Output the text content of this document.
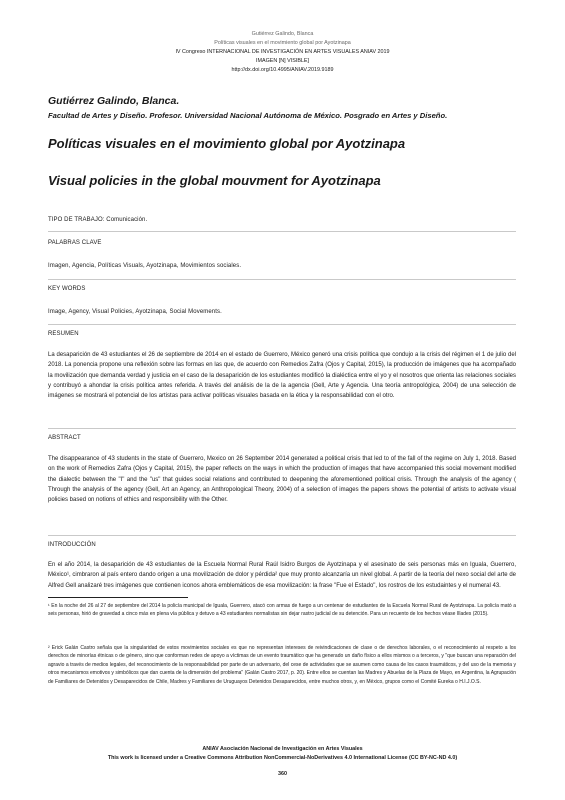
Gutiérrez Galindo, Blanca
Políticas visuales en el movimiento global por Ayotzinapa
IV Congreso INTERNACIONAL DE INVESTIGACIÓN EN ARTES VISUALES ANIAV 2019
IMAGEN [N] VISIBLE]
http://dx.doi.org/10.4995/ANIAV.2019.9189
Gutiérrez Galindo, Blanca.
Facultad de Artes y Diseño. Profesor. Universidad Nacional Autónoma de México. Posgrado en Artes y Diseño.
Políticas visuales en el movimiento global por Ayotzinapa
Visual policies in the global mouvment for Ayotzinapa
TIPO DE TRABAJO: Comunicación.
PALABRAS CLAVE
Imagen, Agencia, Políticas Visuals, Ayotzinapa, Movimientos sociales.
KEY WORDS
Image, Agency, Visual Policies, Ayotzinapa, Social Movements.
RESUMEN
La desaparición de 43 estudiantes el 26 de septiembre de 2014 en el estado de Guerrero, México generó una crisis política que condujo a la crisis del régimen el 1 de julio del 2018. La ponencia propone una reflexión sobre las formas en las que, de acuerdo con Remedios Zafra (Ojos y Capital, 2015), la producción de imágenes que ha acompañado la movilización que demanda verdad y justicia en el caso de la desaparición de los estudiantes modificó la dialéctica entre el yo y el nosotros que orienta las relaciones sociales y contribuyó a ahondar la crisis política antes referida. A través del análisis de la de la agencia (Gell, Arte y Agencia. Una teoría antropológica, 2004) de una selección de imágenes se mostrará el potencial de los artistas para activar políticas visuales basada en la ética y la responsabilidad con el otro.
ABSTRACT
The disappearance of 43 students in the state of Guerrero, Mexico on 26 September 2014 generated a political crisis that led to of the fall of the regime on July 1, 2018. Based on the work of Remedios Zafra (Ojos y Capital, 2015), the paper reflects on the ways in which the production of images that have accompanied this social movement modified the dialectic between the "I" and the "us" that guides social relations and contributed to deepening the aforementioned political crisis. Through the analysis of the agency ( Through the analysis of the agency (Gell, Art an Agency, an Anthropological Theory, 2004) of a selection of images the papers shows the potential of artists to activate visual policies based on notions of ethics and responsibility with the Other.
INTRODUCCIÓN
En el año 2014, la desaparición de 43 estudiantes de la Escuela Normal Rural Raúl Isidro Burgos de Ayotzinapa y el asesinato de seis personas más en Iguala, Guerrero, México¹, cimbraron al país entero dando origen a una movilización de dolor y pérdida² que muy pronto alcanzaría un nivel global. A partir de la teoría del nexo social del arte de Alfred Gell analizaré tres imágenes que contienen iconos ahora emblemáticos de esa movilización: la frase "Fue el Estado", los rostros de los estudaintes y el numeral 43.
¹ En la noche del 26 al 27 de septiembre del 2014 la policía municipal de Iguala, Guerrero, atacó con armas de fuego a un centenar de estudiantes de la Escuela Normal Rural de Ayotzinapa. La policía mató a seis personas, hirió de gravedad a cinco más en plena vía pública y detuvo a 43 estudiantes normalistas sin dejar rastro judicial de su detención. Para un recuento de los hechos véase Illades (2015).
² Erick Galán Castro señala que la singularidad de estos movimientos sociales es que no representan intereses de reivindicaciones de clase o de derechos laborales, o el reconocimiento al respeto a los derechos de minorías étnicas o de género, sino que conforman redes de apoyo a víctimas de un evento traumático que ha generado un daño físico a ellos mismos o a terceros, y "que buscan una reparación del agravio a través de medios legales, del reconocimiento de la responsabilidad por parte de un adversario, del cese de actividades que se asumen como causa de los casos traumáticos, y del uso de la memoria y otros mecanismos emotivos y simbólicos que dan cuenta de la dimensión del problema" (Galán Castro 2017, p. 20). Entre ellos se cuentan las Madres y Abuelas de la Plaza de Mayo, en Argentina, la Agrupación de Familiares de Detenidos y Desaparecidos de Chile, Madres y Familiares de Uruguayos Detenidos Desaparecidos, entre muchos otros, y, en México, grupos como el Comité Eureka o H.I.J.O.S.
ANIAV Asociación Nacional de Investigación en Artes Visuales
This work is licensed under a Creative Commons Attribution NonCommercial-NoDerivatives 4.0 International License (CC BY-NC-ND 4.0)
360
